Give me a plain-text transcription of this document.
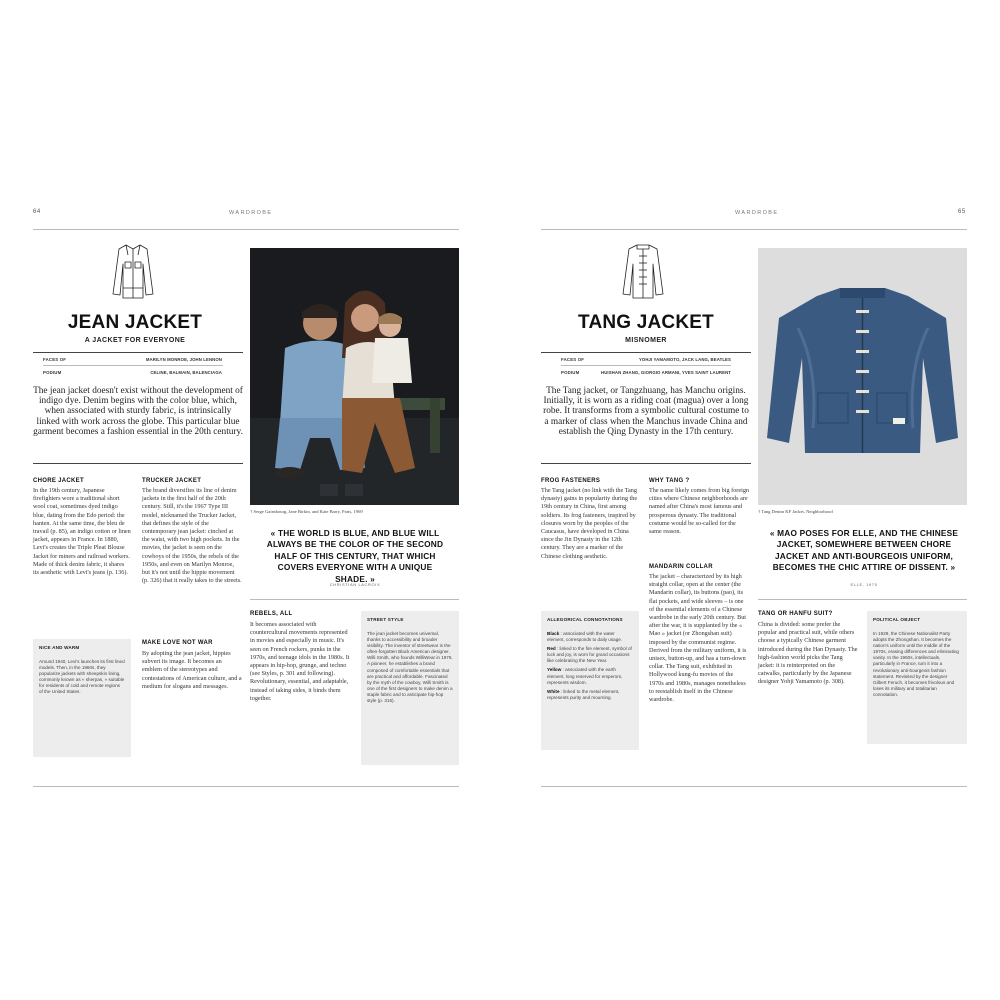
64	WARDROBE
JEAN JACKET
A JACKET FOR EVERYONE
FACES OF	MARILYN MONROE, JOHN LENNON
PODIUM	CELINE, BALMAIN, BALENCIAGA
The jean jacket doesn't exist without the development of indigo dye. Denim begins with the color blue, which, when associated with sturdy fabric, is intrinsically linked with work across the globe. This particular blue garment becomes a fashion essential in the 20th century.
† Serge Gainsbourg, Jane Birkin, and Kate Barry, Paris, 1969
« THE WORLD IS BLUE, AND BLUE WILL ALWAYS BE THE COLOR OF THE SECOND HALF OF THIS CENTURY, THAT WHICH COVERS EVERYONE WITH A UNIQUE SHADE. »
CHRISTIAN LACROIX
CHORE JACKET
In the 19th century, Japanese firefighters wore a traditional short wool coat, sometimes dyed indigo blue, dating from the Edo period: the hanten. At the same time, the bleu de travail (p. 85), an indigo cotton or linen jacket, appears in France. In 1880, Levi's creates the Triple Pleat Blouse Jacket for miners and railroad workers. Made of thick denim fabric, it shares its aesthetic with Levi's jeans (p. 136).
NICE AND WARM
Around 1940, Levi's launches its first lined models. Then, in the 1960s, they popularize jackets with sheepskin lining, commonly known as « sherpas, » suitable for residents of cold and remote regions of the United States.
TRUCKER JACKET
The brand diversifies its line of denim jackets in the first half of the 20th century. Still, it's the 1967 Type III model, nicknamed the Trucker Jacket, that defines the style of the contemporary jean jacket: cinched at the waist, with two high pockets. In the movies, the jacket is seen on the cowboys of the 1950s, the rebels of the 1950s, and even on Marilyn Monroe, but it's not until the hippie movement (p. 326) that it really takes to the streets.
MAKE LOVE NOT WAR
By adopting the jean jacket, hippies subvert its image. It becomes an emblem of the stereotypes and contestations of American culture, and a medium for slogans and messages.
REBELS, ALL
It becomes associated with countercultural movements represented in movies and especially in music. It's seen on French rockers, punks in the 1970s, and teenage idols in the 1980s. It appears in hip-hop, grunge, and techno (see Styles, p. 301 and following). Revolutionary, essential, and adaptable, instead of taking sides, it binds them together.
STREET STYLE
The jean jacket becomes universal, thanks to accessibility and broader visibility. The inventor of streetwear is the often-forgotten Black American designer, Willi Smith, who founds WilliWear in 1976. A pioneer, he establishes a brand composed of comfortable essentials that are practical and affordable. Fascinated by the myth of the cowboy, Willi Smith is one of the first designers to make denim a staple fabric and to anticipate hip-hop style (p. 316).
WARDROBE	65
TANG JACKET
MISNOMER
FACES OF	YOHJI YAMAMOTO, JACK LANG, BEATLES
PODIUM	HUISHAN ZHANG, GIORGIO ARMANI, YVES SAINT LAURENT
The Tang jacket, or Tangzhuang, has Manchu origins. Initially, it is worn as a riding coat (magua) over a long robe. It transforms from a symbolic cultural costume to a marker of class when the Manchus invade China and establish the Qing Dynasty in the 17th century.
† Tang Denim KF Jacket, Neighborhood
« MAO POSES FOR ELLE, AND THE CHINESE JACKET, SOMEWHERE BETWEEN CHORE JACKET AND ANTI-BOURGEOIS UNIFORM, BECOMES THE CHIC ATTIRE OF DISSENT. »
ELLE, 1975
FROG FASTENERS
The Tang jacket (no link with the Tang dynasty) gains in popularity during the 19th century in China, first among soldiers. Its frog fasteners, inspired by closures worn by the peoples of the Caucasus, have developed in China since the Jin Dynasty in the 12th century. They are a marker of the Chinese clothing aesthetic.
ALLEGORICAL CONNOTATIONS
Black : associated with the water element, corresponds to daily usage.
Red : linked to the fire element, symbol of luck and joy, is worn for grand occasions like celebrating the New Year.
Yellow : associated with the earth element, long reserved for emperors, represents wisdom.
White : linked to the metal element, represents purity and mourning.
WHY TANG ?
The name likely comes from big foreign cities where Chinese neighborhoods are named after China's most famous and prosperous dynasty. The traditional costume would be so-called for the same reason.
MANDARIN COLLAR
The jacket – characterized by its high straight collar, open at the center (the Mandarin collar), its buttons (pao), its flat pockets, and wide sleeves – is one of the essential elements of a Chinese wardrobe in the early 20th century. But after the war, it is supplanted by the « Mao » jacket (or Zhongshan suit) imposed by the communist regime. Derived from the military uniform, it is unisex, button-up, and has a turn-down collar. The Tang suit, exhibited in Hollywood kung-fu movies of the 1970s and 1980s, manages nonetheless to reestablish itself in the Chinese wardrobe.
TANG OR HANFU SUIT?
China is divided: some prefer the popular and practical suit, while others choose a typically Chinese garment introduced during the Han Dynasty. The high-fashion world picks the Tang jacket: it is reinterpreted on the catwalks, particularly by the Japanese designer Yohji Yamamoto (p. 308).
POLITICAL OBJECT
In 1929, the Chinese Nationalist Party adopts the Zhongshan. It becomes the nation's uniform until the middle of the 1970s, erasing differences and eliminating vanity. In the 1960s, intellectuals, particularly in France, turn it into a revolutionary anti-bourgeois fashion statement. Revisited by the designer Gilbert Feruch, it becomes frivolous and loses its military and totalitarian connotation.
